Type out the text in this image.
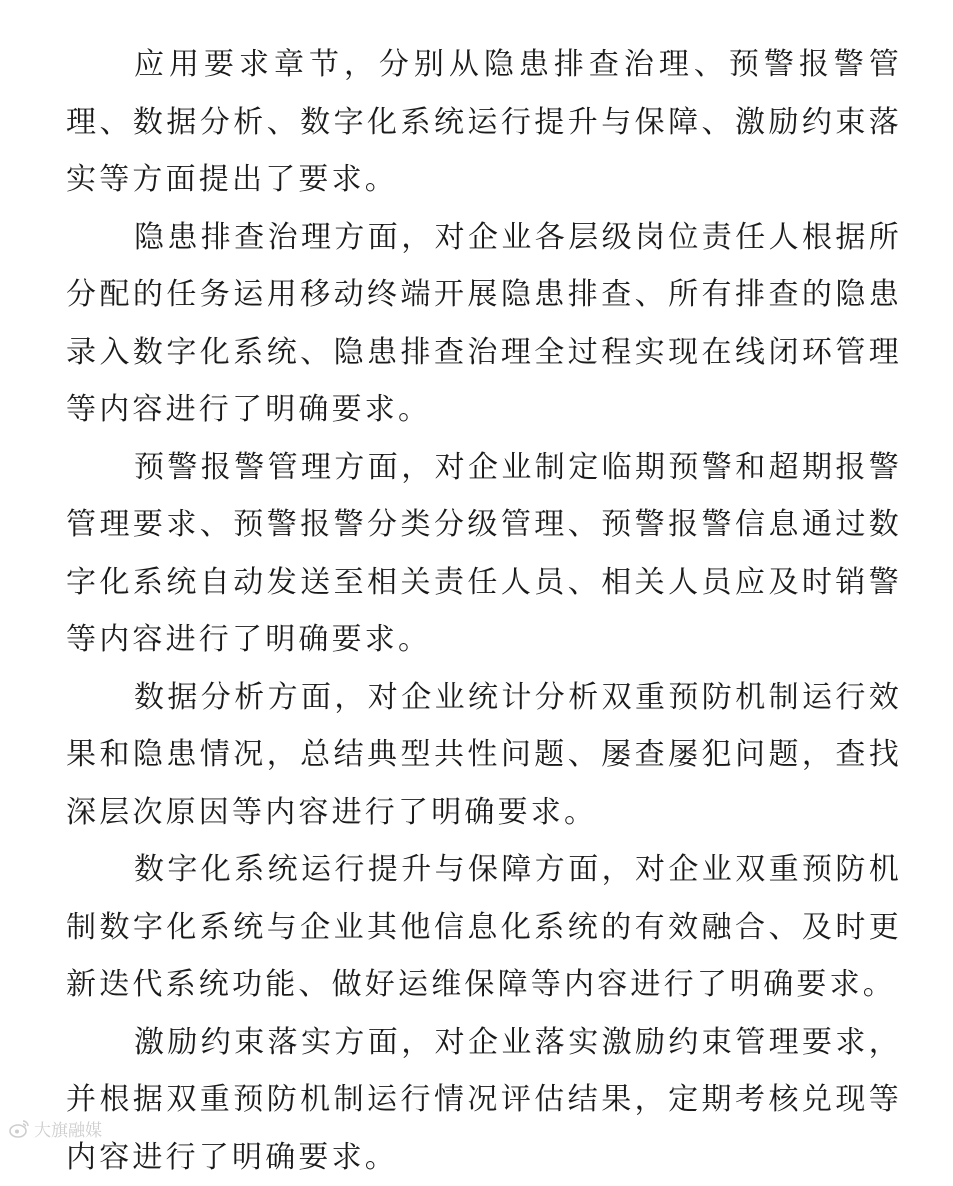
应用要求章节，分别从隐患排查治理、预警报警管理、数据分析、数字化系统运行提升与保障、激励约束落实等方面提出了要求。

隐患排查治理方面，对企业各层级岗位责任人根据所分配的任务运用移动终端开展隐患排查、所有排查的隐患录入数字化系统、隐患排查治理全过程实现在线闭环管理等内容进行了明确要求。

预警报警管理方面，对企业制定临期预警和超期报警管理要求、预警报警分类分级管理、预警报警信息通过数字化系统自动发送至相关责任人员、相关人员应及时销警等内容进行了明确要求。

数据分析方面，对企业统计分析双重预防机制运行效果和隐患情况，总结典型共性问题、屡查屡犯问题，查找深层次原因等内容进行了明确要求。

数字化系统运行提升与保障方面，对企业双重预防机制数字化系统与企业其他信息化系统的有效融合、及时更新迭代系统功能、做好运维保障等内容进行了明确要求。

激励约束落实方面，对企业落实激励约束管理要求，并根据双重预防机制运行情况评估结果，定期考核兑现等内容进行了明确要求。

大旗融媒
